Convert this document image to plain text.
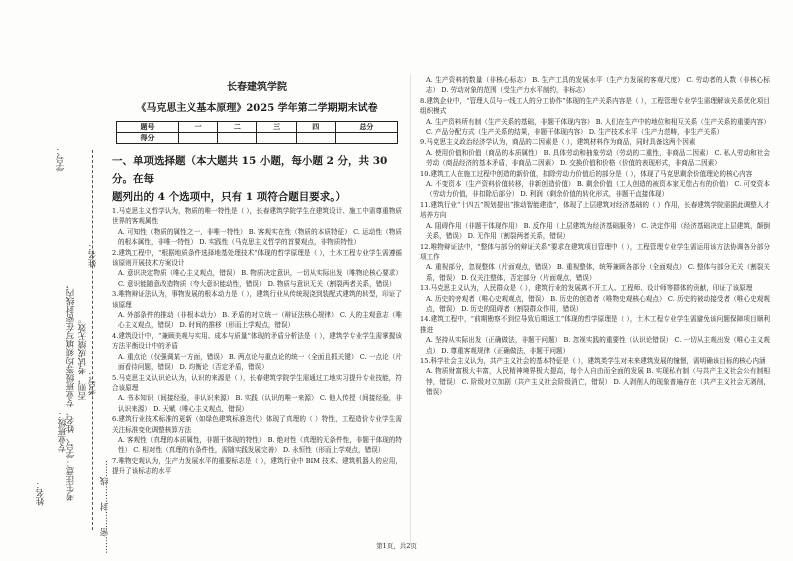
学号：
姓名：
考生注意：学号、姓名、专业班级等均须填写在密封线内， 否则，考试成绩无效。
专业班级：
考号：
姓名：	……密……封……线……
长春建筑学院
《马克思主义基本原理》2025 学年第二学期期末试卷
题号	一	二	三	四	总分
得分					
一、单项选择题（本大题共 15 小题，每小题 2 分，共 30 分。在每
题列出的 4 个选项中，只有 1 项符合题目要求。）
1.马克思主义哲学认为，物质的唯一特性是（ ），长春建筑学院学生在建筑设计、施工中需尊重物质世界的客观属性
A. 可知性（物质的属性之一，非唯一特性） B. 客观实在性（物质的本质特征） C. 运动性（物质的根本属性，非唯一特性） D. 实践性（马克思主义哲学的首要观点，非物质特性）
2.建筑工程中，“根据地质条件选择地基处理技术”体现的哲学原理是（ ），土木工程专业学生需遵循该原则开展技术方案设计
A. 意识决定物质（唯心主义观点，错误） B. 物质决定意识，一切从实际出发（唯物论核心要求） C. 意识能随意改造物质（夸大意识能动性，错误） D. 物质与意识无关（割裂两者关系，错误）
3.唯物辩证法认为，事物发展的根本动力是（ ），建筑行业从传统现浇到装配式建筑的转型，印证了该原理
A. 外部条件的推动（非根本动力） B. 矛盾的对立统一（辩证法核心规律） C. 人的主观意志（唯心主义观点，错误） D. 时间的推移（形而上学观点，错误）
4.建筑设计中，“兼顾美观与实用、成本与质量”体现的矛盾分析法是（ ），建筑学专业学生需掌握该方法平衡设计中的矛盾
A. 重点论（仅强调某一方面，错误） B. 两点论与重点论的统一（全面且抓关键） C. 一点论（片面看待问题，错误） D. 均衡论（否定矛盾，错误）
5.马克思主义认识论认为，认识的来源是（ ），长春建筑学院学生需通过工地实习提升专业技能，符合该原理
A. 书本知识（间接经验，非认识来源） B. 实践（认识的唯一来源） C. 他人传授（间接经验，非认识来源） D. 天赋（唯心主义观点，错误）
6.建筑行业技术标准的更新（如绿色建筑标准迭代）体现了真理的（ ）特性，工程造价专业学生需关注标准变化调整核算方法
A. 客观性（真理的本质属性，非题干体现的特性） B. 绝对性（真理的无条件性，非题干体现的特性） C. 相对性（真理的有条件性，需随实践发展完善） D. 永恒性（形而上学观点，错误）
7.唯物史观认为，生产力发展水平的重要标志是（ ），建筑行业中 BIM 技术、建筑机器人的应用，提升了该标志的水平
A. 生产资料的数量（非核心标志） B. 生产工具的发展水平（生产力发展的客观尺度） C. 劳动者的人数（非核心标志） D. 劳动对象的范围（受生产力水平制约，非标志）
8.建筑企业中，“管理人员与一线工人的分工协作”体现的生产关系内容是（ ），工程管理专业学生需理解该关系优化项目组织模式
A. 生产资料所有制（生产关系的基础，非题干体现内容） B. 人们在生产中的地位和相互关系（生产关系的重要内容） C. 产品分配方式（生产关系的结果，非题干体现内容） D. 生产技术水平（生产力范畴，非生产关系）
9.马克思主义政治经济学认为，商品的二因素是（ ），建筑材料作为商品，同时具备这两个因素
A. 使用价值和价值（商品的本质属性） B. 具体劳动和抽象劳动（劳动的二重性，非商品二因素） C. 私人劳动和社会劳动（商品经济的基本矛盾，非商品二因素） D. 交换价值和价格（价值的表现形式，非商品二因素）
10.建筑工人在施工过程中创造的新价值，扣除劳动力价值后的部分是（ ），体现了马克思剩余价值理论的核心内容
A. 不变资本（生产资料价值转移，非新创造价值） B. 剩余价值（工人创造的被资本家无偿占有的价值） C. 可变资本（劳动力价值，非扣除后部分） D. 利润（剩余价值的转化形式，非题干直接体现）
11.建筑行业“十四五”规划提出“推动智能建造”，体现了上层建筑对经济基础的（ ）作用，长春建筑学院需据此调整人才培养方向
A. 阻碍作用（非题干体现作用） B. 反作用（上层建筑为经济基础服务） C. 决定作用（经济基础决定上层建筑，颠倒关系，错误） D. 无作用（割裂两者关系，错误）
12.唯物辩证法中，“整体与部分的辩证关系”要求在建筑项目管理中（ ），工程管理专业学生需运用该方法协调各分部分项工作
A. 重视部分，忽视整体（片面观点，错误） B. 重视整体，统筹兼顾各部分（全面观点） C. 整体与部分无关（割裂关系，错误） D. 仅关注整体，否定部分（片面观点，错误）
13.马克思主义认为，人民群众是（ ），建筑行业的发展离不开工人、工程师、设计师等群体的贡献，印证了该原理
A. 历史的旁观者（唯心史观观点，错误） B. 历史的创造者（唯物史观核心观点） C. 历史的被动接受者（唯心史观观点，错误） D. 历史的阻碍者（割裂群众作用，错误）
14.建筑工程中，“前期勘察不到位导致后期返工”体现的哲学原理是（ ），土木工程专业学生需避免该问题保障项目顺利推进
A. 坚持从实际出发（正确做法，非题干问题） B. 忽视实践的重要性（认识论错误） C. 一切从主观出发（唯心主义观点） D. 尊重客观规律（正确做法，非题干问题）
15.科学社会主义认为，共产主义社会的基本特征是（ ），建筑类学生对未来建筑发展的憧憬，需明确该目标的核心内涵
A. 物质财富极大丰富，人民精神境界极大提高，每个人自由而全面的发展 B. 实现私有制（与共产主义社会公有制相悖，错误） C. 阶级对立加剧（共产主义社会阶级消亡，错误） D. 人剥削人的现象普遍存在（共产主义社会无剥削，错误）
第1页，共2页
